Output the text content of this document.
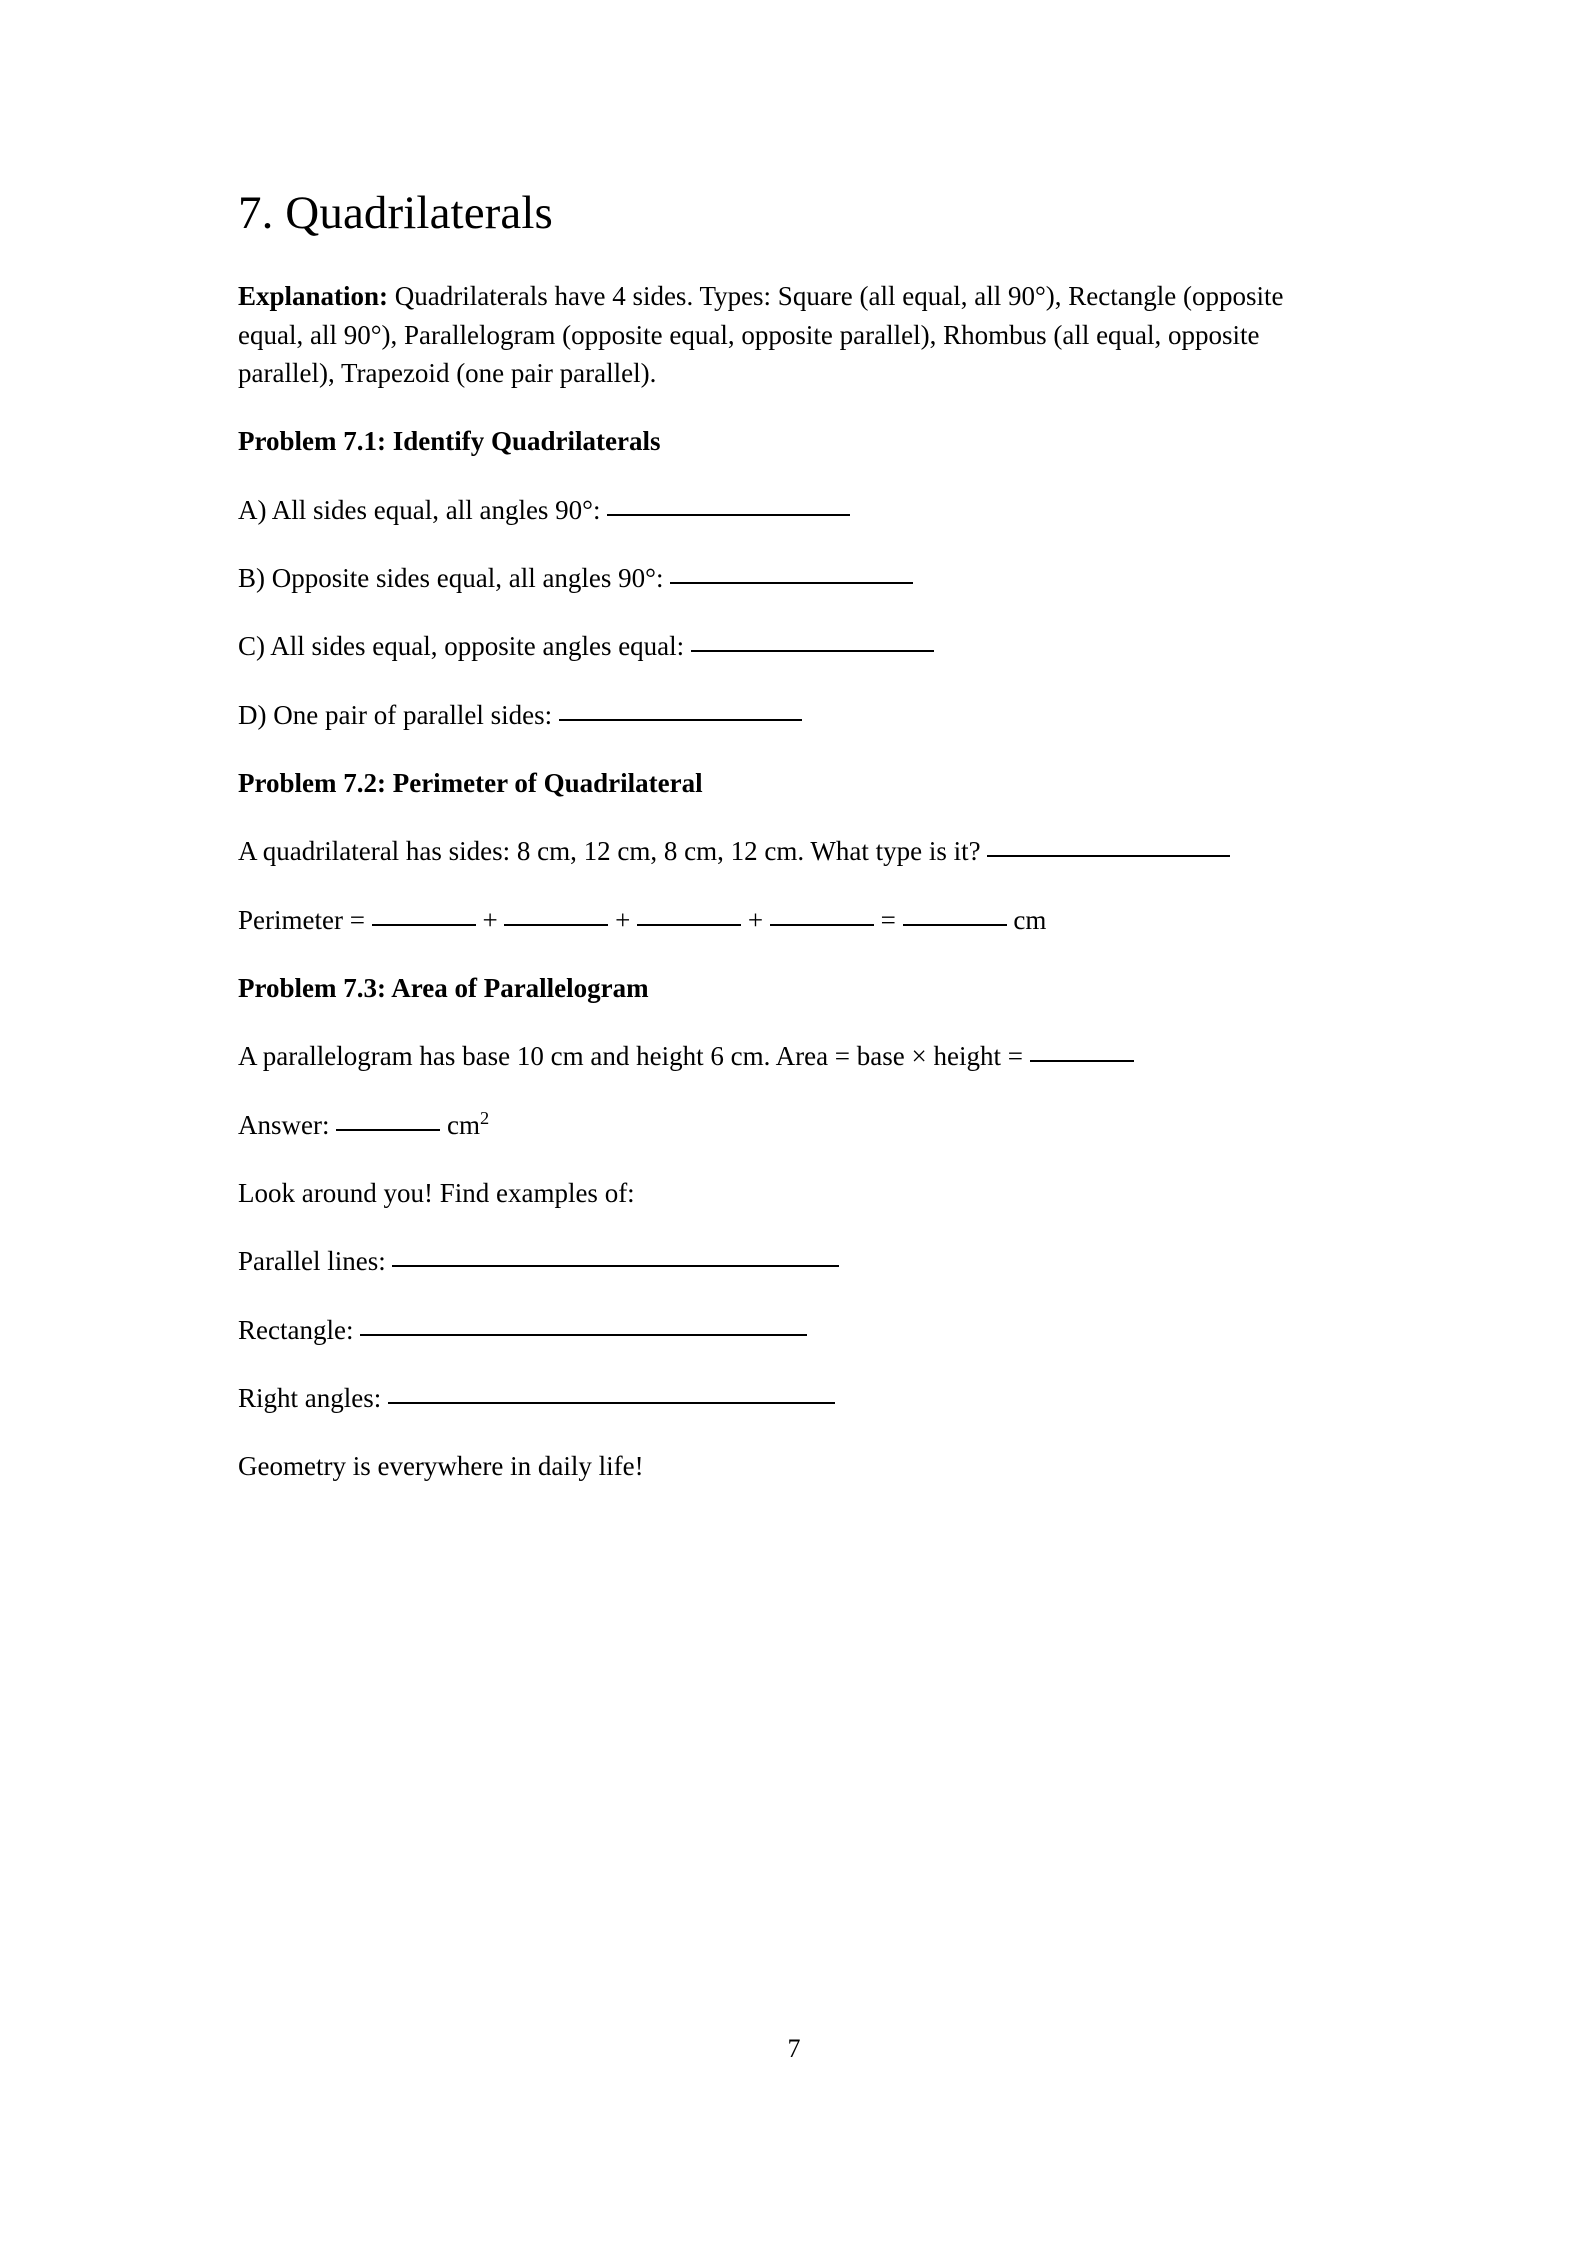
7. Quadrilaterals

Explanation: Quadrilaterals have 4 sides. Types: Square (all equal, all 90°), Rectangle (opposite equal, all 90°), Parallelogram (opposite equal, opposite parallel), Rhombus (all equal, opposite parallel), Trapezoid (one pair parallel).

Problem 7.1: Identify Quadrilaterals

A) All sides equal, all angles 90°:

B) Opposite sides equal, all angles 90°:

C) All sides equal, opposite angles equal:

D) One pair of parallel sides:

Problem 7.2: Perimeter of Quadrilateral

A quadrilateral has sides: 8 cm, 12 cm, 8 cm, 12 cm. What type is it?

Perimeter =	+	+	+	=	cm

Problem 7.3: Area of Parallelogram

A parallelogram has base 10 cm and height 6 cm. Area = base × height =

Answer:	$cm^2$

Look around you! Find examples of:

Parallel lines:

Rectangle:

Right angles:

Geometry is everywhere in daily life!

7
